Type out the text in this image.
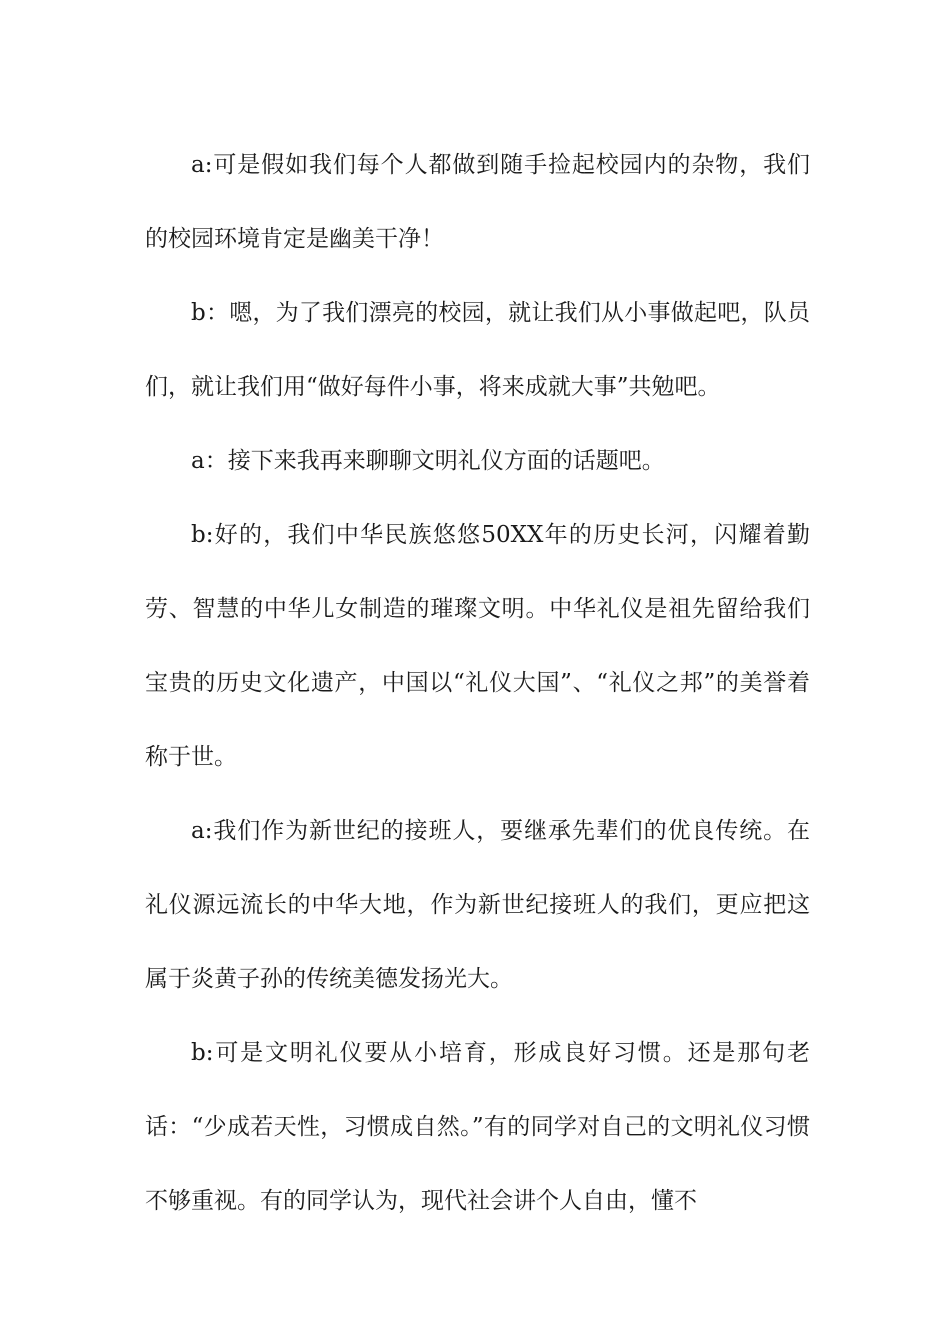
a:可是假如我们每个人都做到随手捡起校园内的杂物，我们的校园环境肯定是幽美干净！

b：嗯，为了我们漂亮的校园，就让我们从小事做起吧，队员们，就让我们用“做好每件小事，将来成就大事”共勉吧。

a：接下来我再来聊聊文明礼仪方面的话题吧。

b:好的，我们中华民族悠悠50XX年的历史长河，闪耀着勤劳、智慧的中华儿女制造的璀璨文明。中华礼仪是祖先留给我们宝贵的历史文化遗产，中国以“礼仪大国”、“礼仪之邦”的美誉着称于世。

a:我们作为新世纪的接班人，要继承先辈们的优良传统。在礼仪源远流长的中华大地，作为新世纪接班人的我们，更应把这属于炎黄子孙的传统美德发扬光大。

b:可是文明礼仪要从小培育，形成良好习惯。还是那句老话：“少成若天性，习惯成自然。”有的同学对自己的文明礼仪习惯不够重视。有的同学认为，现代社会讲个人自由，懂不
